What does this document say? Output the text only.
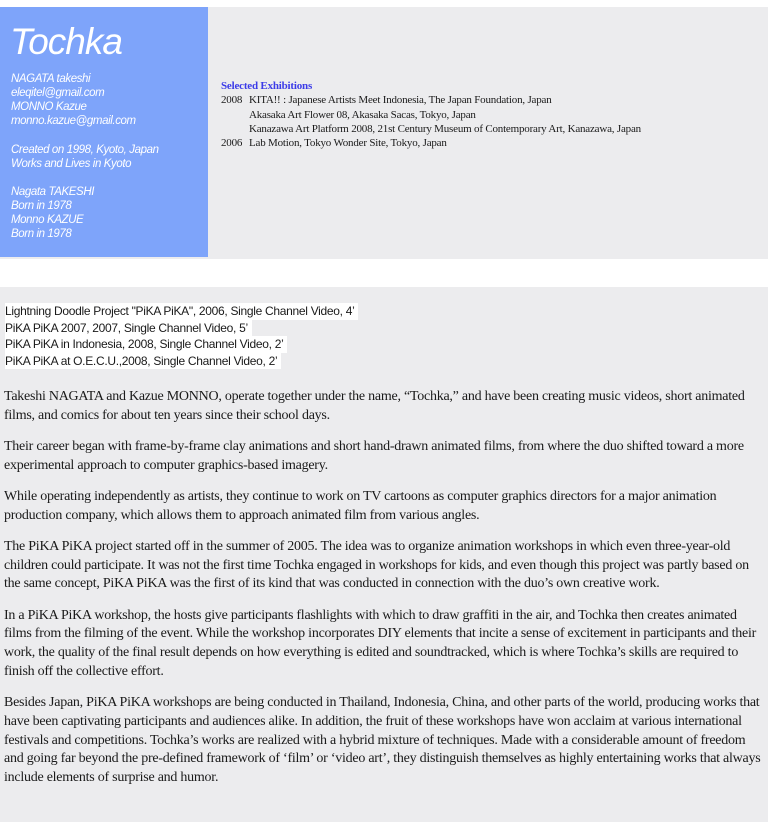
Tochka
NAGATA takeshi
eleqitel@gmail.com
MONNO Kazue
monno.kazue@gmail.com
Created on 1998, Kyoto, Japan
Works and Lives in Kyoto
Nagata TAKESHI
Born in 1978
Monno KAZUE
Born in 1978
Selected Exhibitions
2008 KITA!! : Japanese Artists Meet Indonesia, The Japan Foundation, Japan
Akasaka Art Flower 08, Akasaka Sacas, Tokyo, Japan
Kanazawa Art Platform 2008, 21st Century Museum of Contemporary Art, Kanazawa, Japan
2006 Lab Motion, Tokyo Wonder Site, Tokyo, Japan
Lightning Doodle Project "PiKA PiKA", 2006, Single Channel Video, 4’
PiKA PiKA 2007, 2007, Single Channel Video, 5’
PiKA PiKA in Indonesia, 2008, Single Channel Video, 2’
PiKA PiKA at O.E.C.U.,2008, Single Channel Video, 2’

Takeshi NAGATA and Kazue MONNO, operate together under the name, “Tochka,” and have been creating music videos, short animated films, and comics for about ten years since their school days.

Their career began with frame-by-frame clay animations and short hand-drawn animated films, from where the duo shifted toward a more experimental approach to computer graphics-based imagery.

While operating independently as artists, they continue to work on TV cartoons as computer graphics directors for a major animation production company, which allows them to approach animated film from various angles.

The PiKA PiKA project started off in the summer of 2005. The idea was to organize animation workshops in which even three-year-old children could participate. It was not the first time Tochka engaged in workshops for kids, and even though this project was partly based on the same concept, PiKA PiKA was the first of its kind that was conducted in connection with the duo’s own creative work.

In a PiKA PiKA workshop, the hosts give participants flashlights with which to draw graffiti in the air, and Tochka then creates animated films from the filming of the event. While the workshop incorporates DIY elements that incite a sense of excitement in participants and their work, the quality of the final result depends on how everything is edited and soundtracked, which is where Tochka’s skills are required to finish off the collective effort.

Besides Japan, PiKA PiKA workshops are being conducted in Thailand, Indonesia, China, and other parts of the world, producing works that have been captivating participants and audiences alike. In addition, the fruit of these workshops have won acclaim at various international festivals and competitions. Tochka’s works are realized with a hybrid mixture of techniques. Made with a considerable amount of freedom and going far beyond the pre-defined framework of ‘film’ or ‘video art’, they distinguish themselves as highly entertaining works that always include elements of surprise and humor.
